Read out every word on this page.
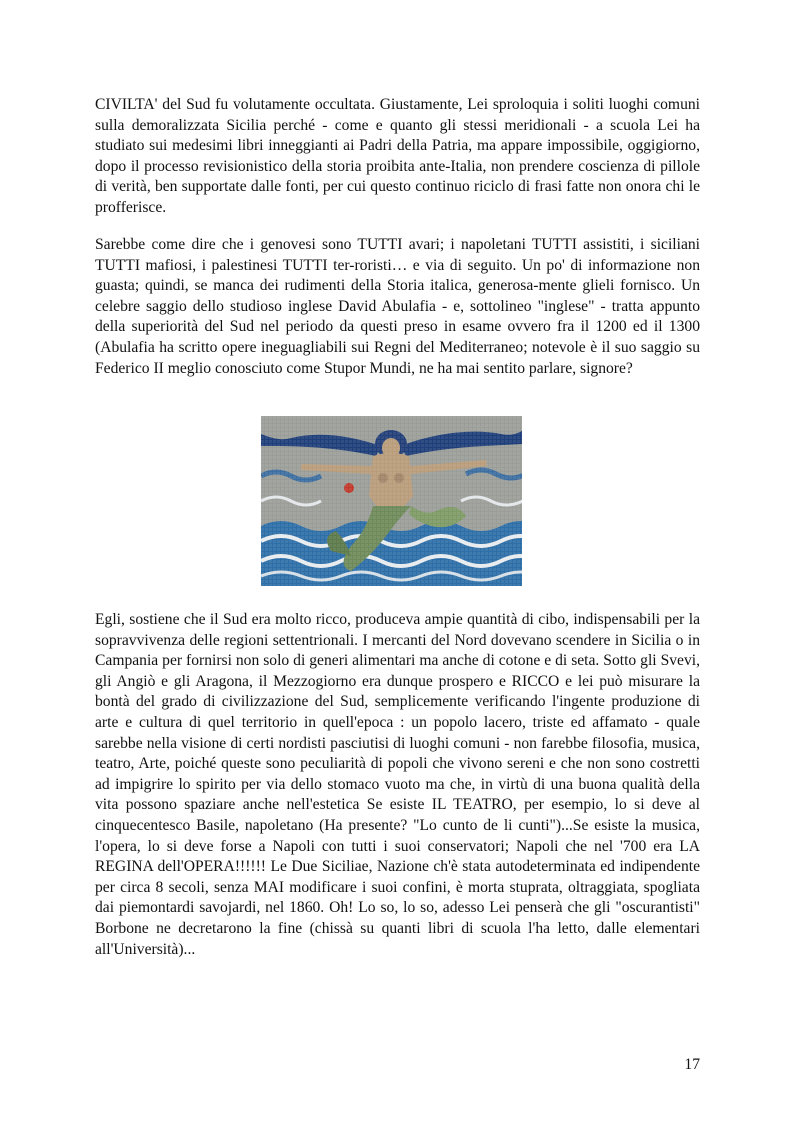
CIVILTA' del Sud fu volutamente occultata. Giustamente, Lei sproloquia i soliti luoghi comuni sulla demoralizzata Sicilia perché - come e quanto gli stessi meridionali - a scuola Lei ha studiato sui medesimi libri inneggianti ai Padri della Patria, ma appare impossibile, oggigiorno, dopo il processo revisionistico della storia proibita ante-Italia, non prendere coscienza di pillole di verità, ben supportate dalle fonti, per cui questo continuo riciclo di frasi fatte non onora chi le profferisce.

Sarebbe come dire che i genovesi sono TUTTI avari; i napoletani TUTTI assistiti, i siciliani TUTTI mafiosi, i palestinesi TUTTI ter-roristi… e via di seguito. Un po' di informazione non guasta; quindi, se manca dei rudimenti della Storia italica, generosa-mente glieli fornisco. Un celebre saggio dello studioso inglese David Abulafia - e, sottolineo "inglese" - tratta appunto della superiorità del Sud nel periodo da questi preso in esame ovvero fra il 1200 ed il 1300 (Abulafia ha scritto opere ineguagliabili sui Regni del Mediterraneo; notevole è il suo saggio su Federico II meglio conosciuto come Stupor Mundi, ne ha mai sentito parlare, signore?

Egli, sostiene che il Sud era molto ricco, produceva ampie quantità di cibo, indispensabili per la sopravvivenza delle regioni settentrionali. I mercanti del Nord dovevano scendere in Sicilia o in Campania per fornirsi non solo di generi alimentari ma anche di cotone e di seta. Sotto gli Svevi, gli Angiò e gli Aragona, il Mezzogiorno era dunque prospero e RICCO e lei può misurare la bontà del grado di civilizzazione del Sud, semplicemente verificando l'ingente produzione di arte e cultura di quel territorio in quell'epoca : un popolo lacero, triste ed affamato - quale sarebbe nella visione di certi nordisti pasciutisi di luoghi comuni - non farebbe filosofia, musica, teatro, Arte, poiché queste sono peculiarità di popoli che vivono sereni e che non sono costretti ad impigrire lo spirito per via dello stomaco vuoto ma che, in virtù di una buona qualità della vita possono spaziare anche nell'estetica Se esiste IL TEATRO, per esempio, lo si deve al cinquecentesco Basile, napoletano (Ha presente? "Lo cunto de li cunti")...Se esiste la musica, l'opera, lo si deve forse a Napoli con tutti i suoi conservatori; Napoli che nel '700 era LA REGINA dell'OPERA!!!!!! Le Due Siciliae, Nazione ch'è stata autodeterminata ed indipendente per circa 8 secoli, senza MAI modificare i suoi confini, è morta stuprata, oltraggiata, spogliata dai piemontardi savojardi, nel 1860. Oh! Lo so, lo so, adesso Lei penserà che gli "oscurantisti" Borbone ne decretarono la fine (chissà su quanti libri di scuola l'ha letto, dalle elementari all'Università)...

17
